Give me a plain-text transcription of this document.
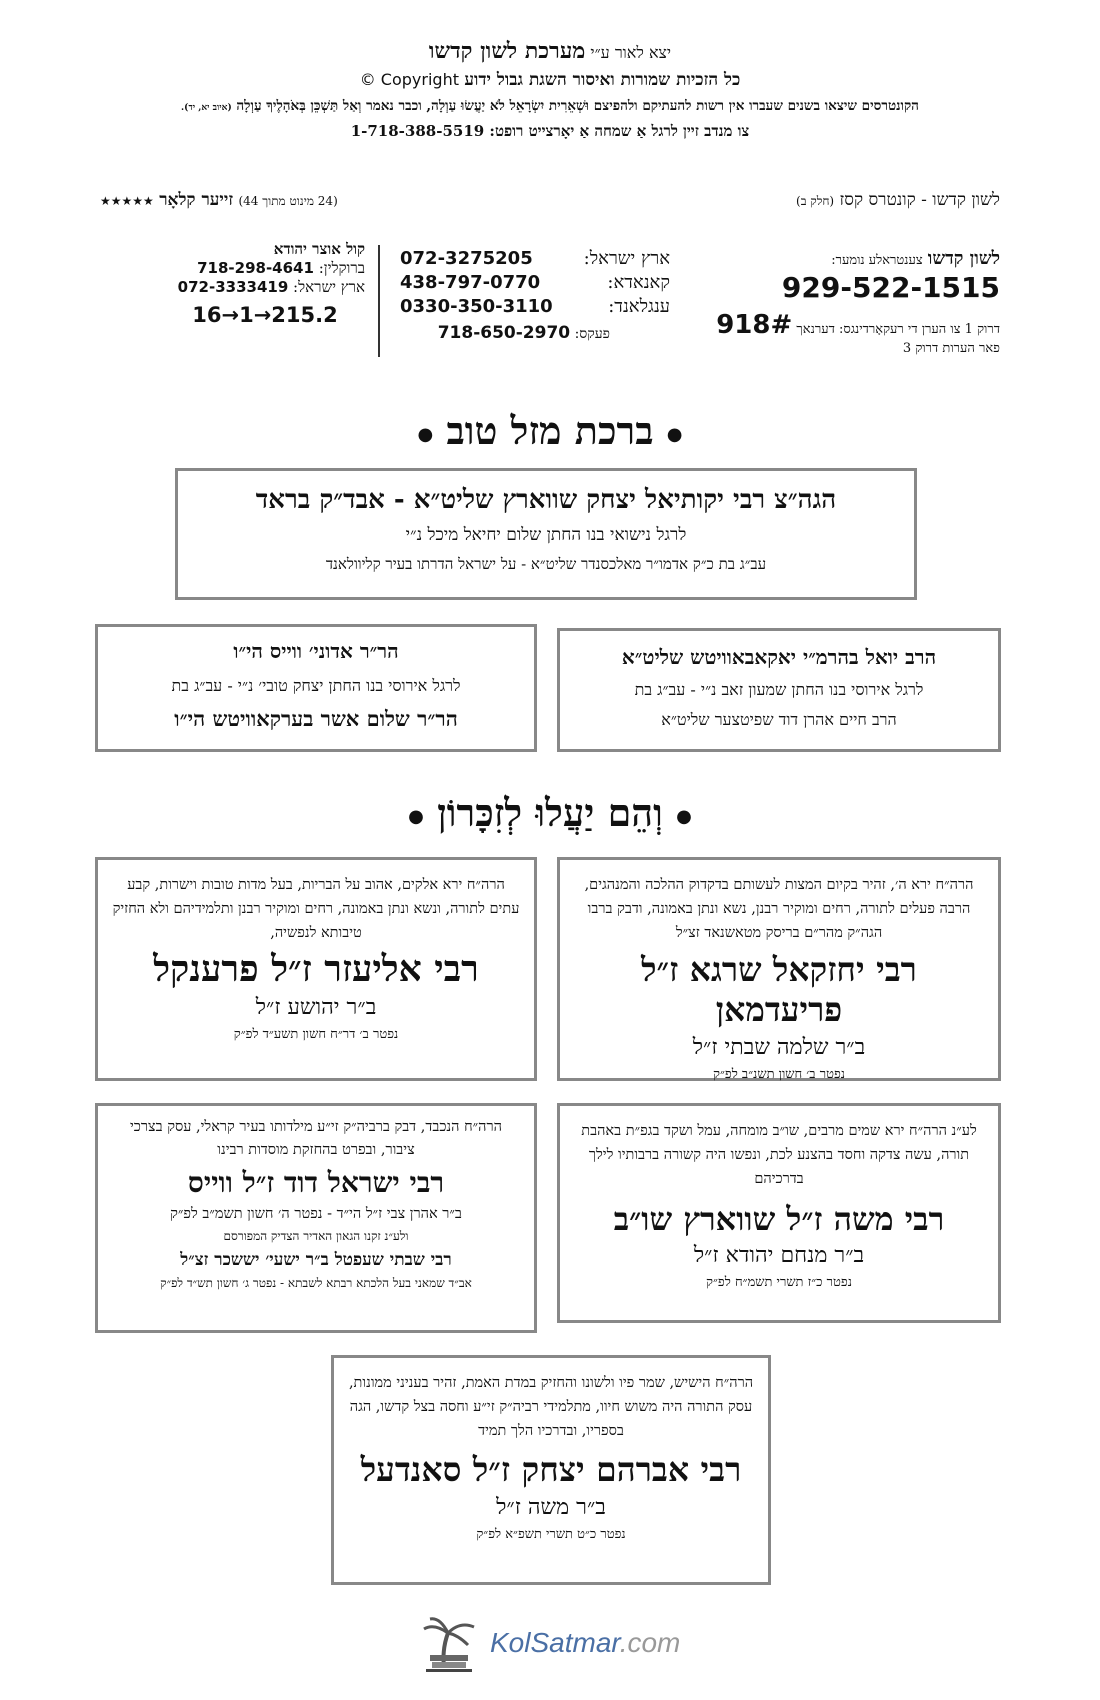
יצא לאור ע״י מערכת לשון קדשו
כל הזכיות שמורות ואיסור השגת גבול ידוע Copyright ©
הקונטרסים שיצאו בשנים שעברו אין רשות להעתיקם ולהפיצם וּשְׁאֵרִית יִשְׂרָאֵל לֹא יַעֲשׂוּ עַוְלָה, וכבר נאמר וְאַל תַּשְׁכֵּן בְּאֹהָלֶיךָ עַוְלָה (איוב יא, יד).
צו מנדב זיין לרגל אַ שמחה אַ יאָרצייט רופט: 1-718-388-5519
לשון קדשו - קונטרס קסז (חלק ב)
(24 מינוט מתוך 44) זייער קלאָר ★★★★★
לשון קדשו צענטראלע נומער:
929-522-1515
דרוק 1 צו הערן די רעקאָרדינגס: דערנאך 918#
פאר הערות דרוק 3
ארץ ישראל:
072-3275205
קאנאדא:
438-797-0770
ענגלאנד:
0330-350-3110
פעקס: 718-650-2970
קול אוצר יהודא
ברוקלין: 718-298-4641
ארץ ישראל: 072-3333419
16→1→215.2
● ברכת מזל טוב ●
הגה״צ רבי יקותיאל יצחק שווארץ שליט״א - אבד״ק בראד
לרגל נישואי בנו החתן שלום יחיאל מיכל נ״י
עב״ג בת כ״ק אדמו״ר מאלכסנדר שליט״א - על ישראל הדרתו בעיר קליוולאנד
הרב יואל בהרמ״י יאקאבאוויטש שליט״א
לרגל אירוסי בנו החתן שמעון זאב נ״י - עב״ג בת
הרב חיים אהרן דוד שפיטצער שליט״א
הר״ר אדוני׳ ווייס הי״ו
לרגל אירוסי בנו החתן יצחק טובי׳ נ״י - עב״ג בת
הר״ר שלום אשר בערקאוויטש הי״ו
● וְהֵם יַעֲלוּ לְזִכָּרוֹן ●
הרה״ח ירא ה׳, זהיר בקיום המצות לעשותם בדקדוק ההלכה והמנהגים, הרבה פעלים לתורה, רחים ומוקיר רבנן, נשא ונתן באמונה, ודבק ברבו הגה״ק מהר״ם בריסק מטאשנאד זצ״ל
רבי יחזקאל שרגא ז״ל פריעדמאן
ב״ר שלמה שבתי ז״ל
נפטר ב׳ חשון תשנ״ב לפ״ק
הרה״ח ירא אלקים, אהוב על הבריות, בעל מדות טובות וישרות, קבע עתים לתורה, ונשא ונתן באמונה, רחים ומוקיר רבנן ותלמידיהם ולא החזיק טיבותא לנפשיה,
רבי אליעזר ז״ל פרענקל
ב״ר יהושע ז״ל
נפטר ב׳ דר״ח חשון תשע״ד לפ״ק
לע״נ הרה״ח ירא שמים מרבים, שו״ב מומחה, עמל ושקד בגפ״ת באהבת תורה, עשה צדקה וחסד בהצנע לכת, ונפשו היה קשורה ברבותיו לילך בדרכיהם
רבי משה ז״ל שווארץ שו״ב
ב״ר מנחם יהודא ז״ל
נפטר כ״ז תשרי תשמ״ח לפ״ק
הרה״ח הנכבד, דבק ברביה״ק זי״ע מילדותו בעיר קראלי, עסק בצרכי ציבור, ובפרט בהחזקת מוסדות רבינו
רבי ישראל דוד ז״ל ווייס
ב״ר אהרן צבי ז״ל הי״ד - נפטר ה׳ חשון תשמ״ב לפ״ק
ולע״נ זקנו הגאון האדיר הצדיק המפורסם
רבי שבתי שעפטל ב״ר ישעי׳ יששכר זצ״ל
אב״ד שמאני בעל הלכתא רבתא לשבתא - נפטר ג׳ חשון תש״ד לפ״ק
הרה״ח הישיש, שמר פיו ולשונו והחזיק במדת האמת, זהיר בעניני ממונות, עסק התורה היה משוש חיוו, מתלמידי רביה״ק זי״ע וחסה בצל קדשו, הגה בספריו, ובדרכיו הלך תמיד
רבי אברהם יצחק ז״ל סאנדעל
ב״ר משה ז״ל
נפטר כ״ט תשרי תשפ״א לפ״ק
KolSatmar.com
